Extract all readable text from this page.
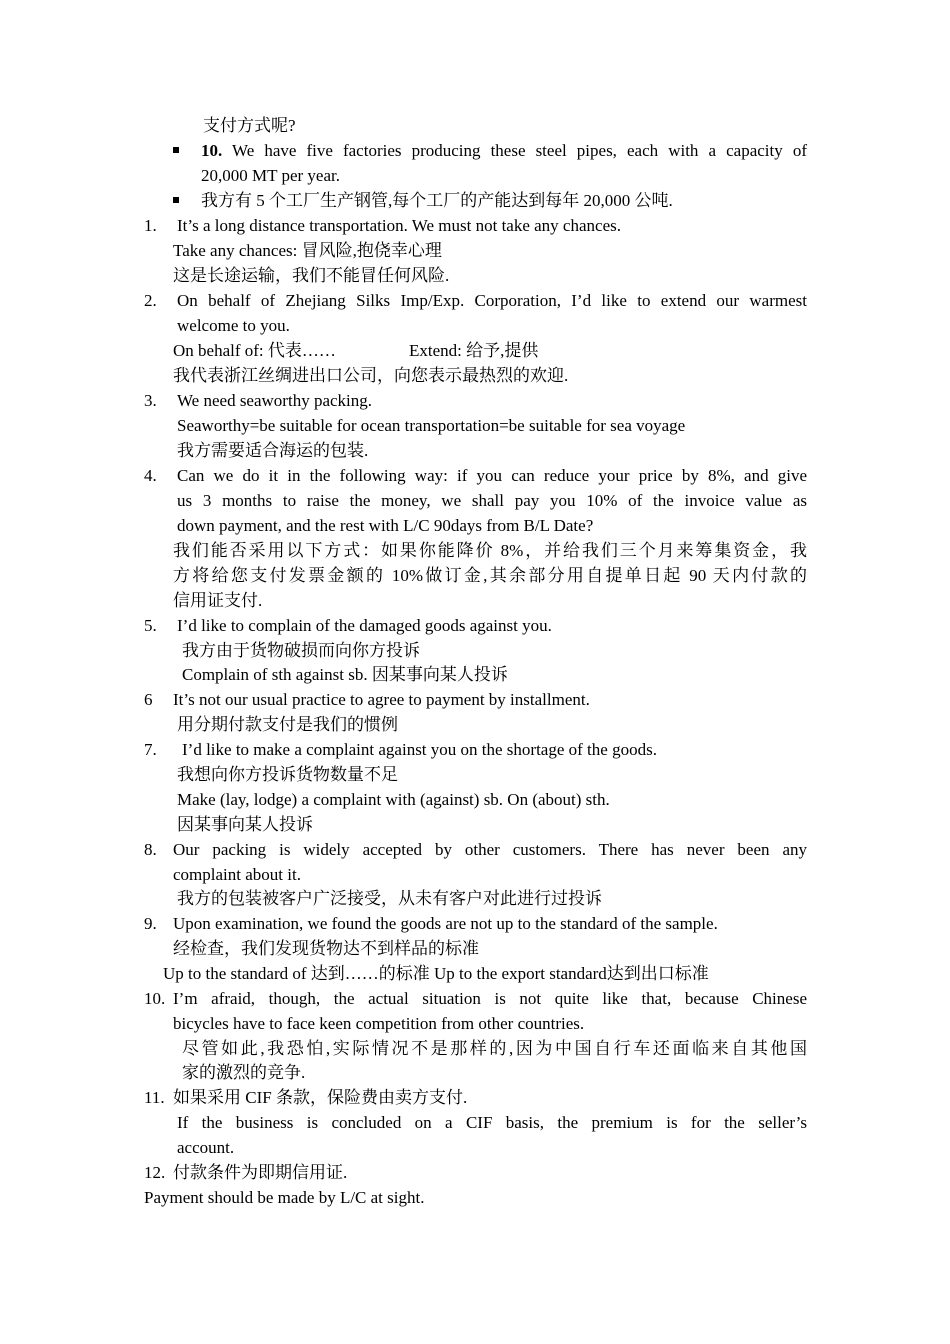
支付方式呢?
10. We have five factories producing these steel pipes, each with a capacity of
20,000 MT per year.
我方有 5 个工厂生产钢管,每个工厂的产能达到每年 20,000 公吨.
1. It’s a long distance transportation. We must not take any chances.
Take any chances: 冒风险,抱侥幸心理
这是长途运输，我们不能冒任何风险.
2. On behalf of Zhejiang Silks Imp/Exp. Corporation, I’d like to extend our warmest
welcome to you.
On behalf of: 代表……	Extend: 给予,提供
我代表浙江丝绸进出口公司，向您表示最热烈的欢迎.
3. We need seaworthy packing.
Seaworthy=be suitable for ocean transportation=be suitable for sea voyage
我方需要适合海运的包装.
4. Can we do it in the following way: if you can reduce your price by 8%, and give
us 3 months to raise the money, we shall pay you 10% of the invoice value as
down payment, and the rest with L/C 90days from B/L Date?
我们能否采用以下方式：如果你能降价 8%，并给我们三个月来筹集资金，我
方将给您支付发票金额的 10%做订金,其余部分用自提单日起 90 天内付款的
信用证支付.
5. I’d like to complain of the damaged goods against you.
我方由于货物破损而向你方投诉
Complain of sth against sb. 因某事向某人投诉
6 It’s not our usual practice to agree to payment by installment.
用分期付款支付是我们的惯例
7. I’d like to make a complaint against you on the shortage of the goods.
我想向你方投诉货物数量不足
Make (lay, lodge) a complaint with (against) sb. On (about) sth.
因某事向某人投诉
8. Our packing is widely accepted by other customers. There has never been any
complaint about it.
我方的包装被客户广泛接受，从未有客户对此进行过投诉
9. Upon examination, we found the goods are not up to the standard of the sample.
经检查，我们发现货物达不到样品的标准
Up to the standard of 达到……的标准 Up to the export standard达到出口标准
10. I’m afraid, though, the actual situation is not quite like that, because Chinese
bicycles have to face keen competition from other countries.
尽管如此,我恐怕,实际情况不是那样的,因为中国自行车还面临来自其他国
家的激烈的竞争.
11. 如果采用 CIF 条款，保险费由卖方支付.
If the business is concluded on a CIF basis, the premium is for the seller’s
account.
12. 付款条件为即期信用证.
Payment should be made by L/C at sight.
